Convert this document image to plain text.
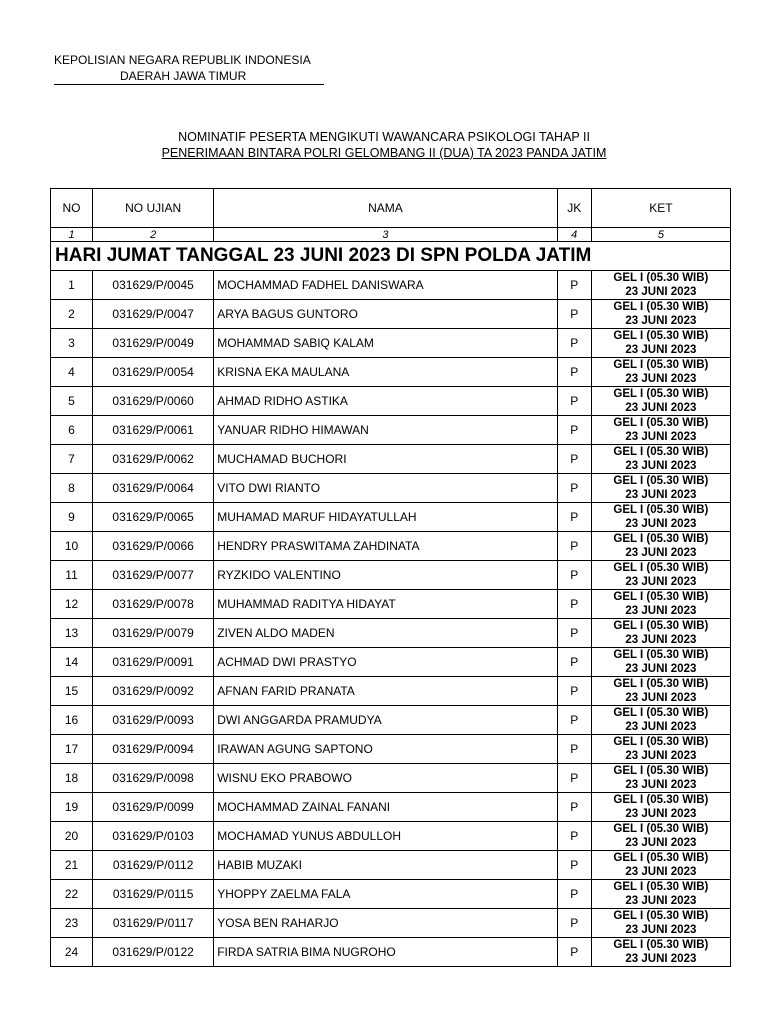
KEPOLISIAN NEGARA REPUBLIK INDONESIA
DAERAH JAWA TIMUR
NOMINATIF PESERTA MENGIKUTI WAWANCARA PSIKOLOGI TAHAP II
PENERIMAAN BINTARA POLRI GELOMBANG II (DUA) TA 2023 PANDA JATIM
NO	NO UJIAN	NAMA	JK	KET
1	2	3	4	5
HARI JUMAT TANGGAL 23 JUNI 2023 DI SPN POLDA JATIM				
1	031629/P/0045	MOCHAMMAD FADHEL DANISWARA	P	GEL I (05.30 WIB)
23 JUNI 2023

2	031629/P/0047	ARYA BAGUS GUNTORO	P	GEL I (05.30 WIB)
23 JUNI 2023

3	031629/P/0049	MOHAMMAD SABIQ KALAM	P	GEL I (05.30 WIB)
23 JUNI 2023

4	031629/P/0054	KRISNA EKA MAULANA	P	GEL I (05.30 WIB)
23 JUNI 2023

5	031629/P/0060	AHMAD RIDHO ASTIKA	P	GEL I (05.30 WIB)
23 JUNI 2023

6	031629/P/0061	YANUAR RIDHO HIMAWAN	P	GEL I (05.30 WIB)
23 JUNI 2023

7	031629/P/0062	MUCHAMAD BUCHORI	P	GEL I (05.30 WIB)
23 JUNI 2023

8	031629/P/0064	VITO DWI RIANTO	P	GEL I (05.30 WIB)
23 JUNI 2023

9	031629/P/0065	MUHAMAD MARUF HIDAYATULLAH	P	GEL I (05.30 WIB)
23 JUNI 2023

10	031629/P/0066	HENDRY PRASWITAMA ZAHDINATA	P	GEL I (05.30 WIB)
23 JUNI 2023

11	031629/P/0077	RYZKIDO VALENTINO	P	GEL I (05.30 WIB)
23 JUNI 2023

12	031629/P/0078	MUHAMMAD RADITYA HIDAYAT	P	GEL I (05.30 WIB)
23 JUNI 2023

13	031629/P/0079	ZIVEN ALDO MADEN	P	GEL I (05.30 WIB)
23 JUNI 2023

14	031629/P/0091	ACHMAD DWI PRASTYO	P	GEL I (05.30 WIB)
23 JUNI 2023

15	031629/P/0092	AFNAN FARID PRANATA	P	GEL I (05.30 WIB)
23 JUNI 2023

16	031629/P/0093	DWI ANGGARDA PRAMUDYA	P	GEL I (05.30 WIB)
23 JUNI 2023

17	031629/P/0094	IRAWAN AGUNG SAPTONO	P	GEL I (05.30 WIB)
23 JUNI 2023

18	031629/P/0098	WISNU EKO PRABOWO	P	GEL I (05.30 WIB)
23 JUNI 2023

19	031629/P/0099	MOCHAMMAD ZAINAL FANANI	P	GEL I (05.30 WIB)
23 JUNI 2023

20	031629/P/0103	MOCHAMAD YUNUS ABDULLOH	P	GEL I (05.30 WIB)
23 JUNI 2023

21	031629/P/0112	HABIB MUZAKI	P	GEL I (05.30 WIB)
23 JUNI 2023

22	031629/P/0115	YHOPPY ZAELMA FALA	P	GEL I (05.30 WIB)
23 JUNI 2023

23	031629/P/0117	YOSA BEN RAHARJO	P	GEL I (05.30 WIB)
23 JUNI 2023

24	031629/P/0122	FIRDA SATRIA BIMA NUGROHO	P	GEL I (05.30 WIB)
23 JUNI 2023
